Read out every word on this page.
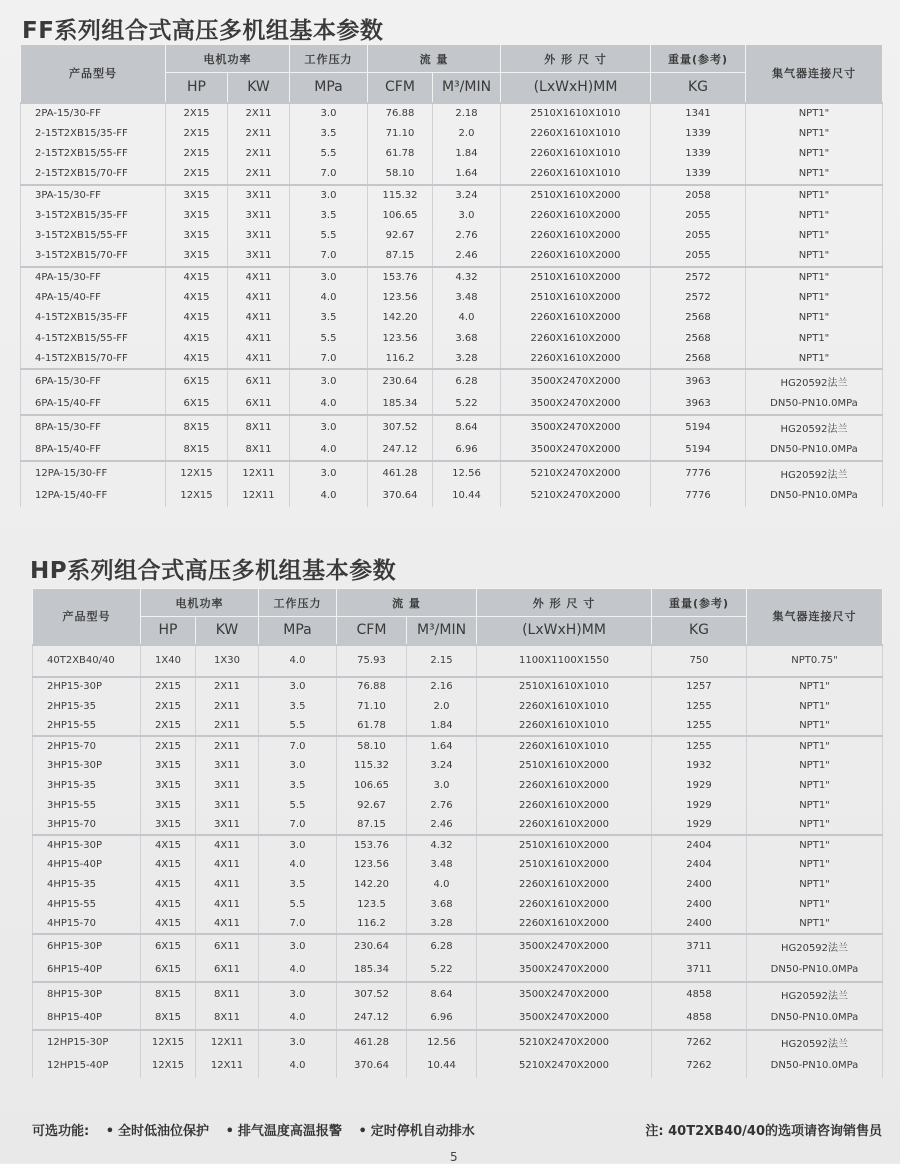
FF系列组合式高压多机组基本参数
产品型号	电机功率		工作压力	流 量		外 形 尺 寸	重量(参考)	集气器连接尺寸
	HP	KW	MPa	CFM	M³/MIN	(LxWxH)MM	KG	
2PA-15/30-FF	2X15	2X11	3.0	76.88	2.18	2510X1610X1010	1341	NPT1"
2-15T2XB15/35-FF	2X15	2X11	3.5	71.10	2.0	2260X1610X1010	1339	NPT1"
2-15T2XB15/55-FF	2X15	2X11	5.5	61.78	1.84	2260X1610X1010	1339	NPT1"
2-15T2XB15/70-FF	2X15	2X11	7.0	58.10	1.64	2260X1610X1010	1339	NPT1"
3PA-15/30-FF	3X15	3X11	3.0	115.32	3.24	2510X1610X2000	2058	NPT1"
3-15T2XB15/35-FF	3X15	3X11	3.5	106.65	3.0	2260X1610X2000	2055	NPT1"
3-15T2XB15/55-FF	3X15	3X11	5.5	92.67	2.76	2260X1610X2000	2055	NPT1"
3-15T2XB15/70-FF	3X15	3X11	7.0	87.15	2.46	2260X1610X2000	2055	NPT1"
4PA-15/30-FF	4X15	4X11	3.0	153.76	4.32	2510X1610X2000	2572	NPT1"
4PA-15/40-FF	4X15	4X11	4.0	123.56	3.48	2510X1610X2000	2572	NPT1"
4-15T2XB15/35-FF	4X15	4X11	3.5	142.20	4.0	2260X1610X2000	2568	NPT1"
4-15T2XB15/55-FF	4X15	4X11	5.5	123.56	3.68	2260X1610X2000	2568	NPT1"
4-15T2XB15/70-FF	4X15	4X11	7.0	116.2	3.28	2260X1610X2000	2568	NPT1"
6PA-15/30-FF	6X15	6X11	3.0	230.64	6.28	3500X2470X2000	3963	HG20592法兰
6PA-15/40-FF	6X15	6X11	4.0	185.34	5.22	3500X2470X2000	3963	DN50-PN10.0MPa
8PA-15/30-FF	8X15	8X11	3.0	307.52	8.64	3500X2470X2000	5194	HG20592法兰
8PA-15/40-FF	8X15	8X11	4.0	247.12	6.96	3500X2470X2000	5194	DN50-PN10.0MPa
12PA-15/30-FF	12X15	12X11	3.0	461.28	12.56	5210X2470X2000	7776	HG20592法兰
12PA-15/40-FF	12X15	12X11	4.0	370.64	10.44	5210X2470X2000	7776	DN50-PN10.0MPa
HP系列组合式高压多机组基本参数
产品型号	电机功率		工作压力	流 量		外 形 尺 寸	重量(参考)	集气器连接尺寸
	HP	KW	MPa	CFM	M³/MIN	(LxWxH)MM	KG	
40T2XB40/40	1X40	1X30	4.0	75.93	2.15	1100X1100X1550	750	NPT0.75"
2HP15-30P	2X15	2X11	3.0	76.88	2.16	2510X1610X1010	1257	NPT1"
2HP15-35	2X15	2X11	3.5	71.10	2.0	2260X1610X1010	1255	NPT1"
2HP15-55	2X15	2X11	5.5	61.78	1.84	2260X1610X1010	1255	NPT1"
2HP15-70	2X15	2X11	7.0	58.10	1.64	2260X1610X1010	1255	NPT1"
3HP15-30P	3X15	3X11	3.0	115.32	3.24	2510X1610X2000	1932	NPT1"
3HP15-35	3X15	3X11	3.5	106.65	3.0	2260X1610X2000	1929	NPT1"
3HP15-55	3X15	3X11	5.5	92.67	2.76	2260X1610X2000	1929	NPT1"
3HP15-70	3X15	3X11	7.0	87.15	2.46	2260X1610X2000	1929	NPT1"
4HP15-30P	4X15	4X11	3.0	153.76	4.32	2510X1610X2000	2404	NPT1"
4HP15-40P	4X15	4X11	4.0	123.56	3.48	2510X1610X2000	2404	NPT1"
4HP15-35	4X15	4X11	3.5	142.20	4.0	2260X1610X2000	2400	NPT1"
4HP15-55	4X15	4X11	5.5	123.5	3.68	2260X1610X2000	2400	NPT1"
4HP15-70	4X15	4X11	7.0	116.2	3.28	2260X1610X2000	2400	NPT1"
6HP15-30P	6X15	6X11	3.0	230.64	6.28	3500X2470X2000	3711	HG20592法兰
6HP15-40P	6X15	6X11	4.0	185.34	5.22	3500X2470X2000	3711	DN50-PN10.0MPa
8HP15-30P	8X15	8X11	3.0	307.52	8.64	3500X2470X2000	4858	HG20592法兰
8HP15-40P	8X15	8X11	4.0	247.12	6.96	3500X2470X2000	4858	DN50-PN10.0MPa
12HP15-30P	12X15	12X11	3.0	461.28	12.56	5210X2470X2000	7262	HG20592法兰
12HP15-40P	12X15	12X11	4.0	370.64	10.44	5210X2470X2000	7262	DN50-PN10.0MPa
可选功能: • 全时低油位保护 • 排气温度高温报警 • 定时停机自动排水	注: 40T2XB40/40的选项请咨询销售员
5
